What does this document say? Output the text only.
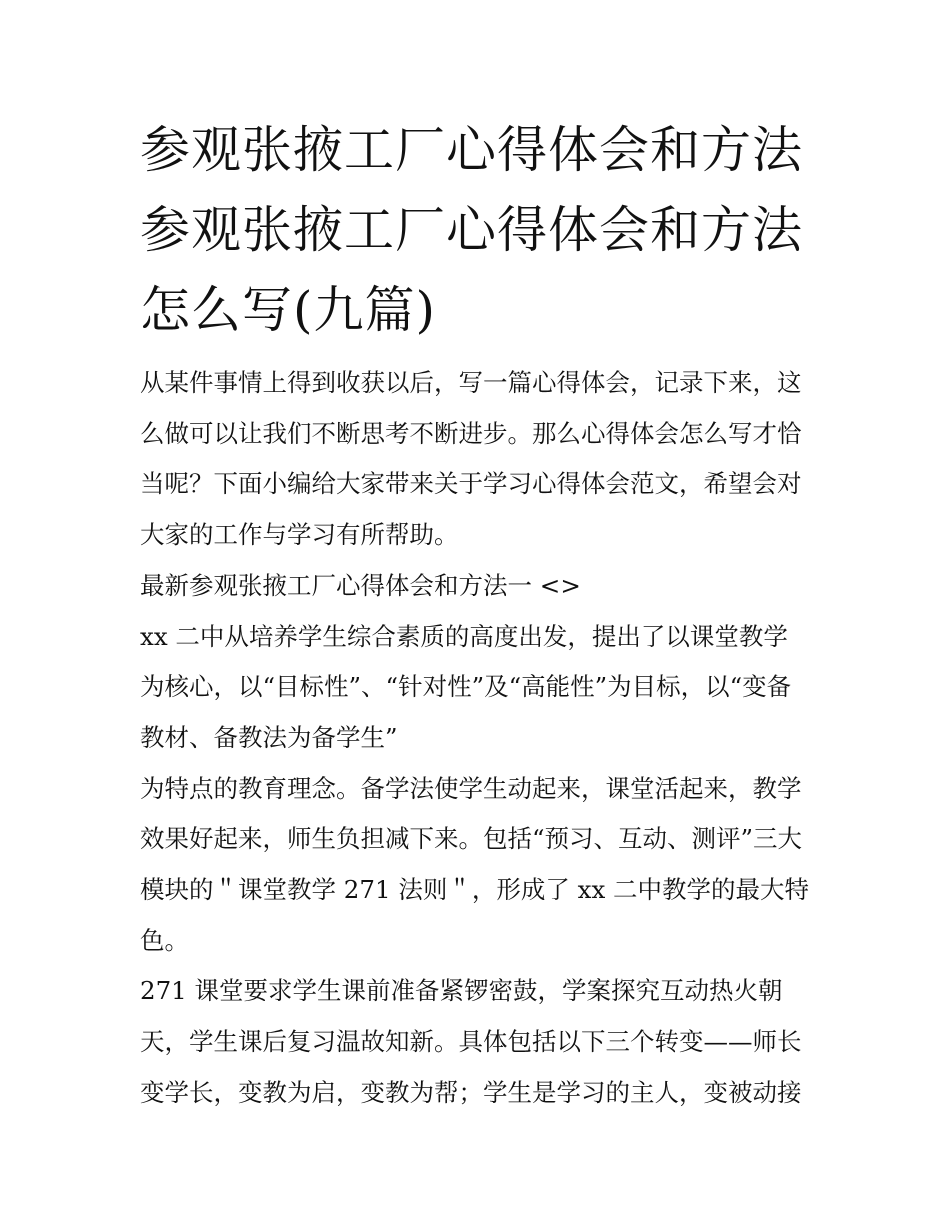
参观张掖工厂心得体会和方法
参观张掖工厂心得体会和方法
怎么写(九篇)

从某件事情上得到收获以后，写一篇心得体会，记录下来，这
么做可以让我们不断思考不断进步。那么心得体会怎么写才恰
当呢？下面小编给大家带来关于学习心得体会范文，希望会对
大家的工作与学习有所帮助。

最新参观张掖工厂心得体会和方法一 <>

xx 二中从培养学生综合素质的高度出发，提出了以课堂教学
为核心，以“目标性”、“针对性”及“高能性”为目标，以“变备
教材、备教法为备学生”

为特点的教育理念。备学法使学生动起来，课堂活起来，教学
效果好起来，师生负担减下来。包括“预习、互动、测评”三大
模块的＂课堂教学 271 法则＂，形成了 xx 二中教学的最大特
色。

271 课堂要求学生课前准备紧锣密鼓，学案探究互动热火朝
天，学生课后复习温故知新。具体包括以下三个转变——师长
变学长，变教为启，变教为帮；学生是学习的主人，变被动接
